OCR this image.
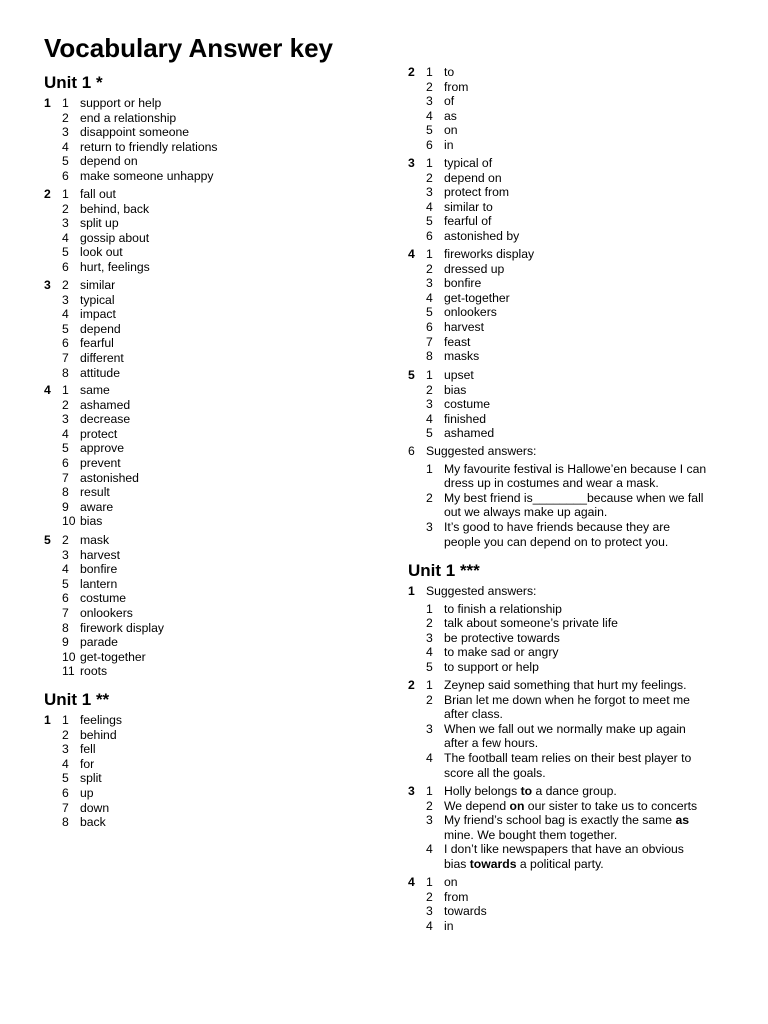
Vocabulary Answer key
Unit 1 *
1 1 support or help
2 end a relationship
3 disappoint someone
4 return to friendly relations
5 depend on
6 make someone unhappy
2 1 fall out
2 behind, back
3 split up
4 gossip about
5 look out
6 hurt, feelings
3 2 similar
3 typical
4 impact
5 depend
6 fearful
7 different
8 attitude
4 1 same
2 ashamed
3 decrease
4 protect
5 approve
6 prevent
7 astonished
8 result
9 aware
10 bias
5 2 mask
3 harvest
4 bonfire
5 lantern
6 costume
7 onlookers
8 firework display
9 parade
10 get-together
11 roots
Unit 1 **
1 1 feelings
2 behind
3 fell
4 for
5 split
6 up
7 down
8 back
2 1 to
2 from
3 of
4 as
5 on
6 in
3 1 typical of
2 depend on
3 protect from
4 similar to
5 fearful of
6 astonished by
4 1 fireworks display
2 dressed up
3 bonfire
4 get-together
5 onlookers
6 harvest
7 feast
8 masks
5 1 upset
2 bias
3 costume
4 finished
5 ashamed
6 Suggested answers:
1 My favourite festival is Hallowe’en because I can
dress up in costumes and wear a mask.
2 My best friend is________because when we fall
out we always make up again.
3 It’s good to have friends because they are
people you can depend on to protect you.
Unit 1 ***
1 Suggested answers:
1 to finish a relationship
2 talk about someone’s private life
3 be protective towards
4 to make sad or angry
5 to support or help
2 1 Zeynep said something that hurt my feelings.
2 Brian let me down when he forgot to meet me
after class.
3 When we fall out we normally make up again
after a few hours.
4 The football team relies on their best player to
score all the goals.
3 1 Holly belongs to a dance group.
2 We depend on our sister to take us to concerts
3 My friend’s school bag is exactly the same as
mine. We bought them together.
4 I don’t like newspapers that have an obvious
bias towards a political party.
4 1 on
2 from
3 towards
4 in
